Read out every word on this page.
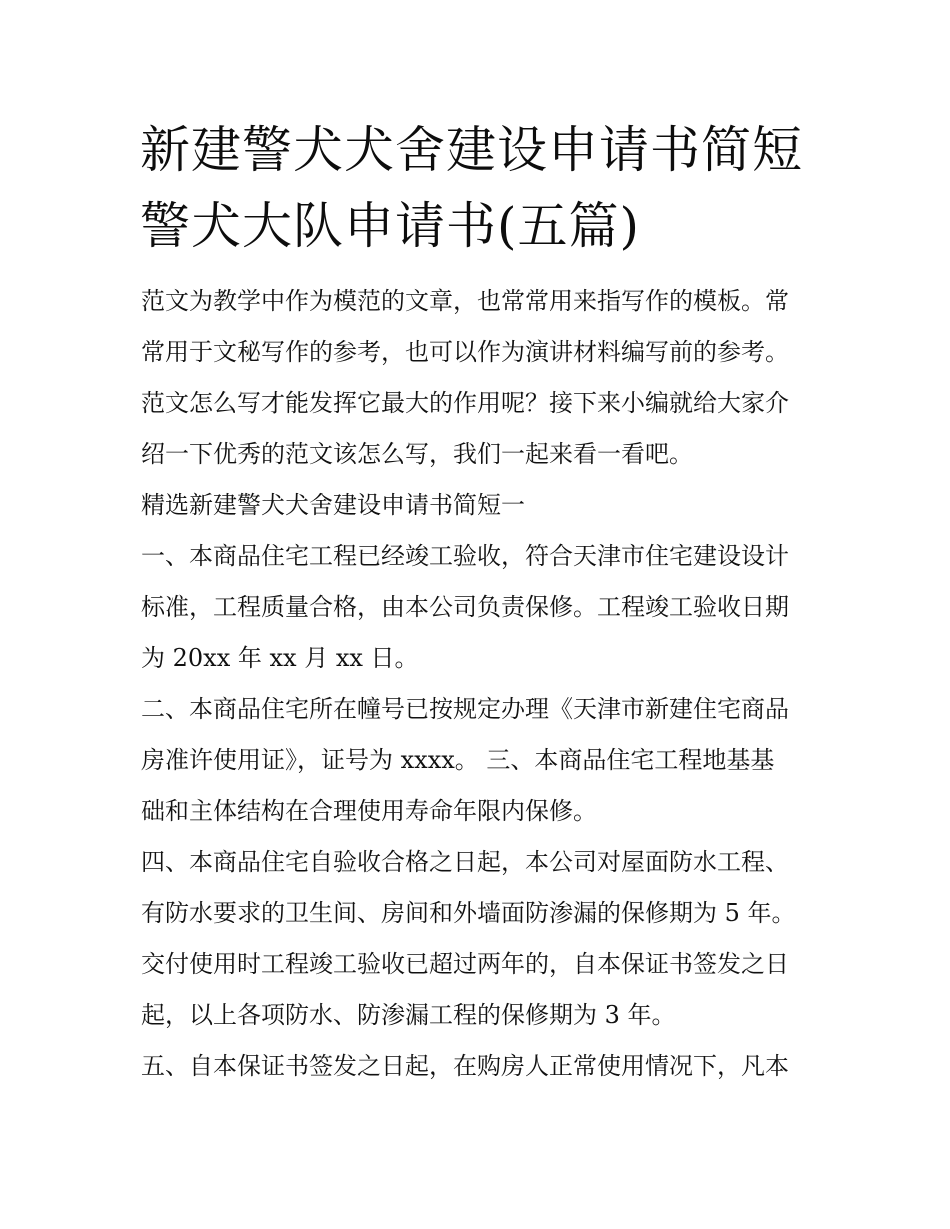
新建警犬犬舍建设申请书简短
警犬大队申请书(五篇)
范文为教学中作为模范的文章，也常常用来指写作的模板。常
常用于文秘写作的参考，也可以作为演讲材料编写前的参考。
范文怎么写才能发挥它最大的作用呢？接下来小编就给大家介
绍一下优秀的范文该怎么写，我们一起来看一看吧。
精选新建警犬犬舍建设申请书简短一
一、本商品住宅工程已经竣工验收，符合天津市住宅建设设计
标准，工程质量合格，由本公司负责保修。工程竣工验收日期
为 20xx 年 xx 月 xx 日。
二、本商品住宅所在幢号已按规定办理《天津市新建住宅商品
房准许使用证》，证号为 xxxx。 三、本商品住宅工程地基基
础和主体结构在合理使用寿命年限内保修。
四、本商品住宅自验收合格之日起，本公司对屋面防水工程、
有防水要求的卫生间、房间和外墙面防渗漏的保修期为 5 年。
交付使用时工程竣工验收已超过两年的，自本保证书签发之日
起，以上各项防水、防渗漏工程的保修期为 3 年。
五、自本保证书签发之日起，在购房人正常使用情况下，凡本
